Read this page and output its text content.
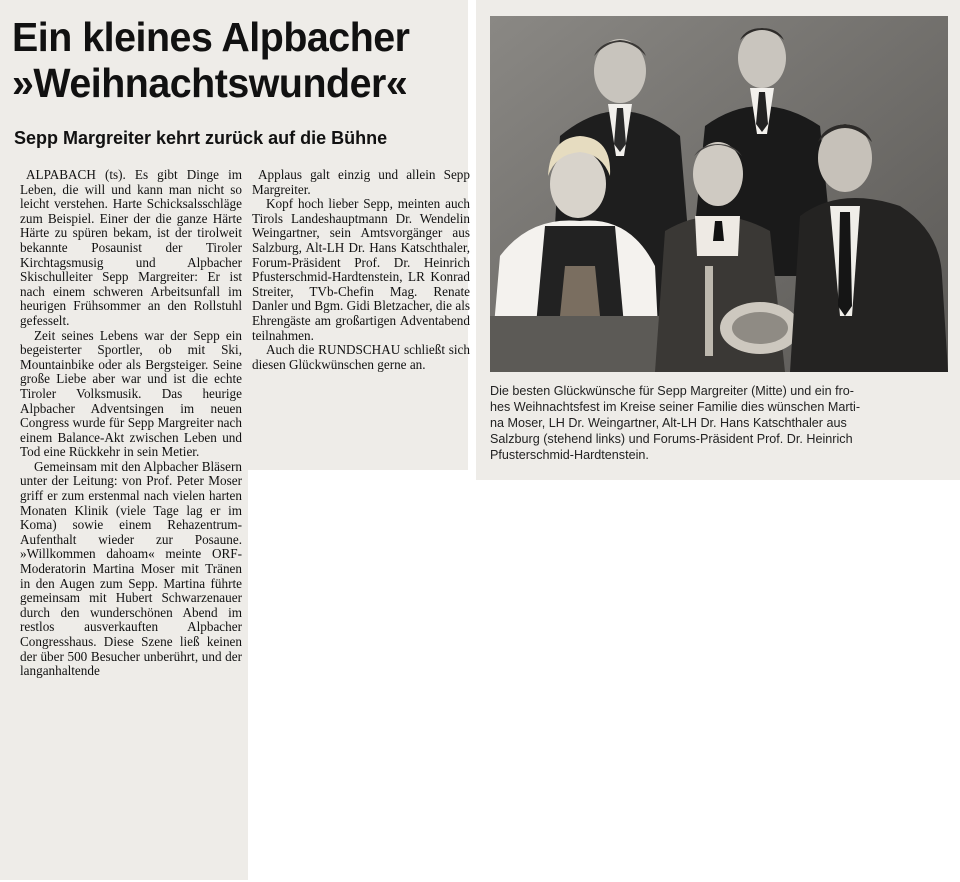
Ein kleines Alpbacher
»Weihnachtswunder«
Sepp Margreiter kehrt zurück auf die Bühne

ALPABACH (ts). Es gibt Dinge im Leben, die will und kann man nicht so leicht verstehen. Harte Schicksalsschläge zum Beispiel. Einer der die ganze Härte Härte zu spüren bekam, ist der tirolweit bekannte Posaunist der Tiroler Kirchtagsmusig und Alpbacher Skischulleiter Sepp Margreiter: Er ist nach einem schweren Arbeitsunfall im heurigen Frühsommer an den Rollstuhl gefesselt.

Zeit seines Lebens war der Sepp ein begeisterter Sportler, ob mit Ski, Mountainbike oder als Bergsteiger. Seine große Liebe aber war und ist die echte Tiroler Volksmusik. Das heurige Alpbacher Adventsingen im neuen Congress wurde für Sepp Margreiter nach einem Balance-Akt zwischen Leben und Tod eine Rückkehr in sein Metier.

Gemeinsam mit den Alpbacher Bläsern unter der Leitung: von Prof. Peter Moser griff er zum erstenmal nach vielen harten Monaten Klinik (viele Tage lag er im Koma) sowie einem Rehazentrum-Aufenthalt wieder zur Posaune. »Willkommen dahoam« meinte ORF-Moderatorin Martina Moser mit Tränen in den Augen zum Sepp. Martina führte gemeinsam mit Hubert Schwarzenauer durch den wunderschönen Abend im restlos ausverkauften Alpbacher Congresshaus. Diese Szene ließ keinen der über 500 Besucher unberührt, und der langanhaltende

Applaus galt einzig und allein Sepp Margreiter.

Kopf hoch lieber Sepp, meinten auch Tirols Landeshauptmann Dr. Wendelin Weingartner, sein Amtsvorgänger aus Salzburg, Alt-LH Dr. Hans Katschthaler, Forum-Präsident Prof. Dr. Heinrich Pfusterschmid-Hardtenstein, LR Konrad Streiter, TVb-Chefin Mag. Renate Danler und Bgm. Gidi Bletzacher, die als Ehrengäste am großartigen Adventabend teilnahmen.

Auch die RUNDSCHAU schließt sich diesen Glückwünschen gerne an.

Die besten Glückwünsche für Sepp Margreiter (Mitte) und ein fro-
hes Weihnachtsfest im Kreise seiner Familie dies wünschen Marti-
na Moser, LH Dr. Weingartner, Alt-LH Dr. Hans Katschthaler aus
Salzburg (stehend links) und Forums-Präsident Prof. Dr. Heinrich
Pfusterschmid-Hardtenstein.
